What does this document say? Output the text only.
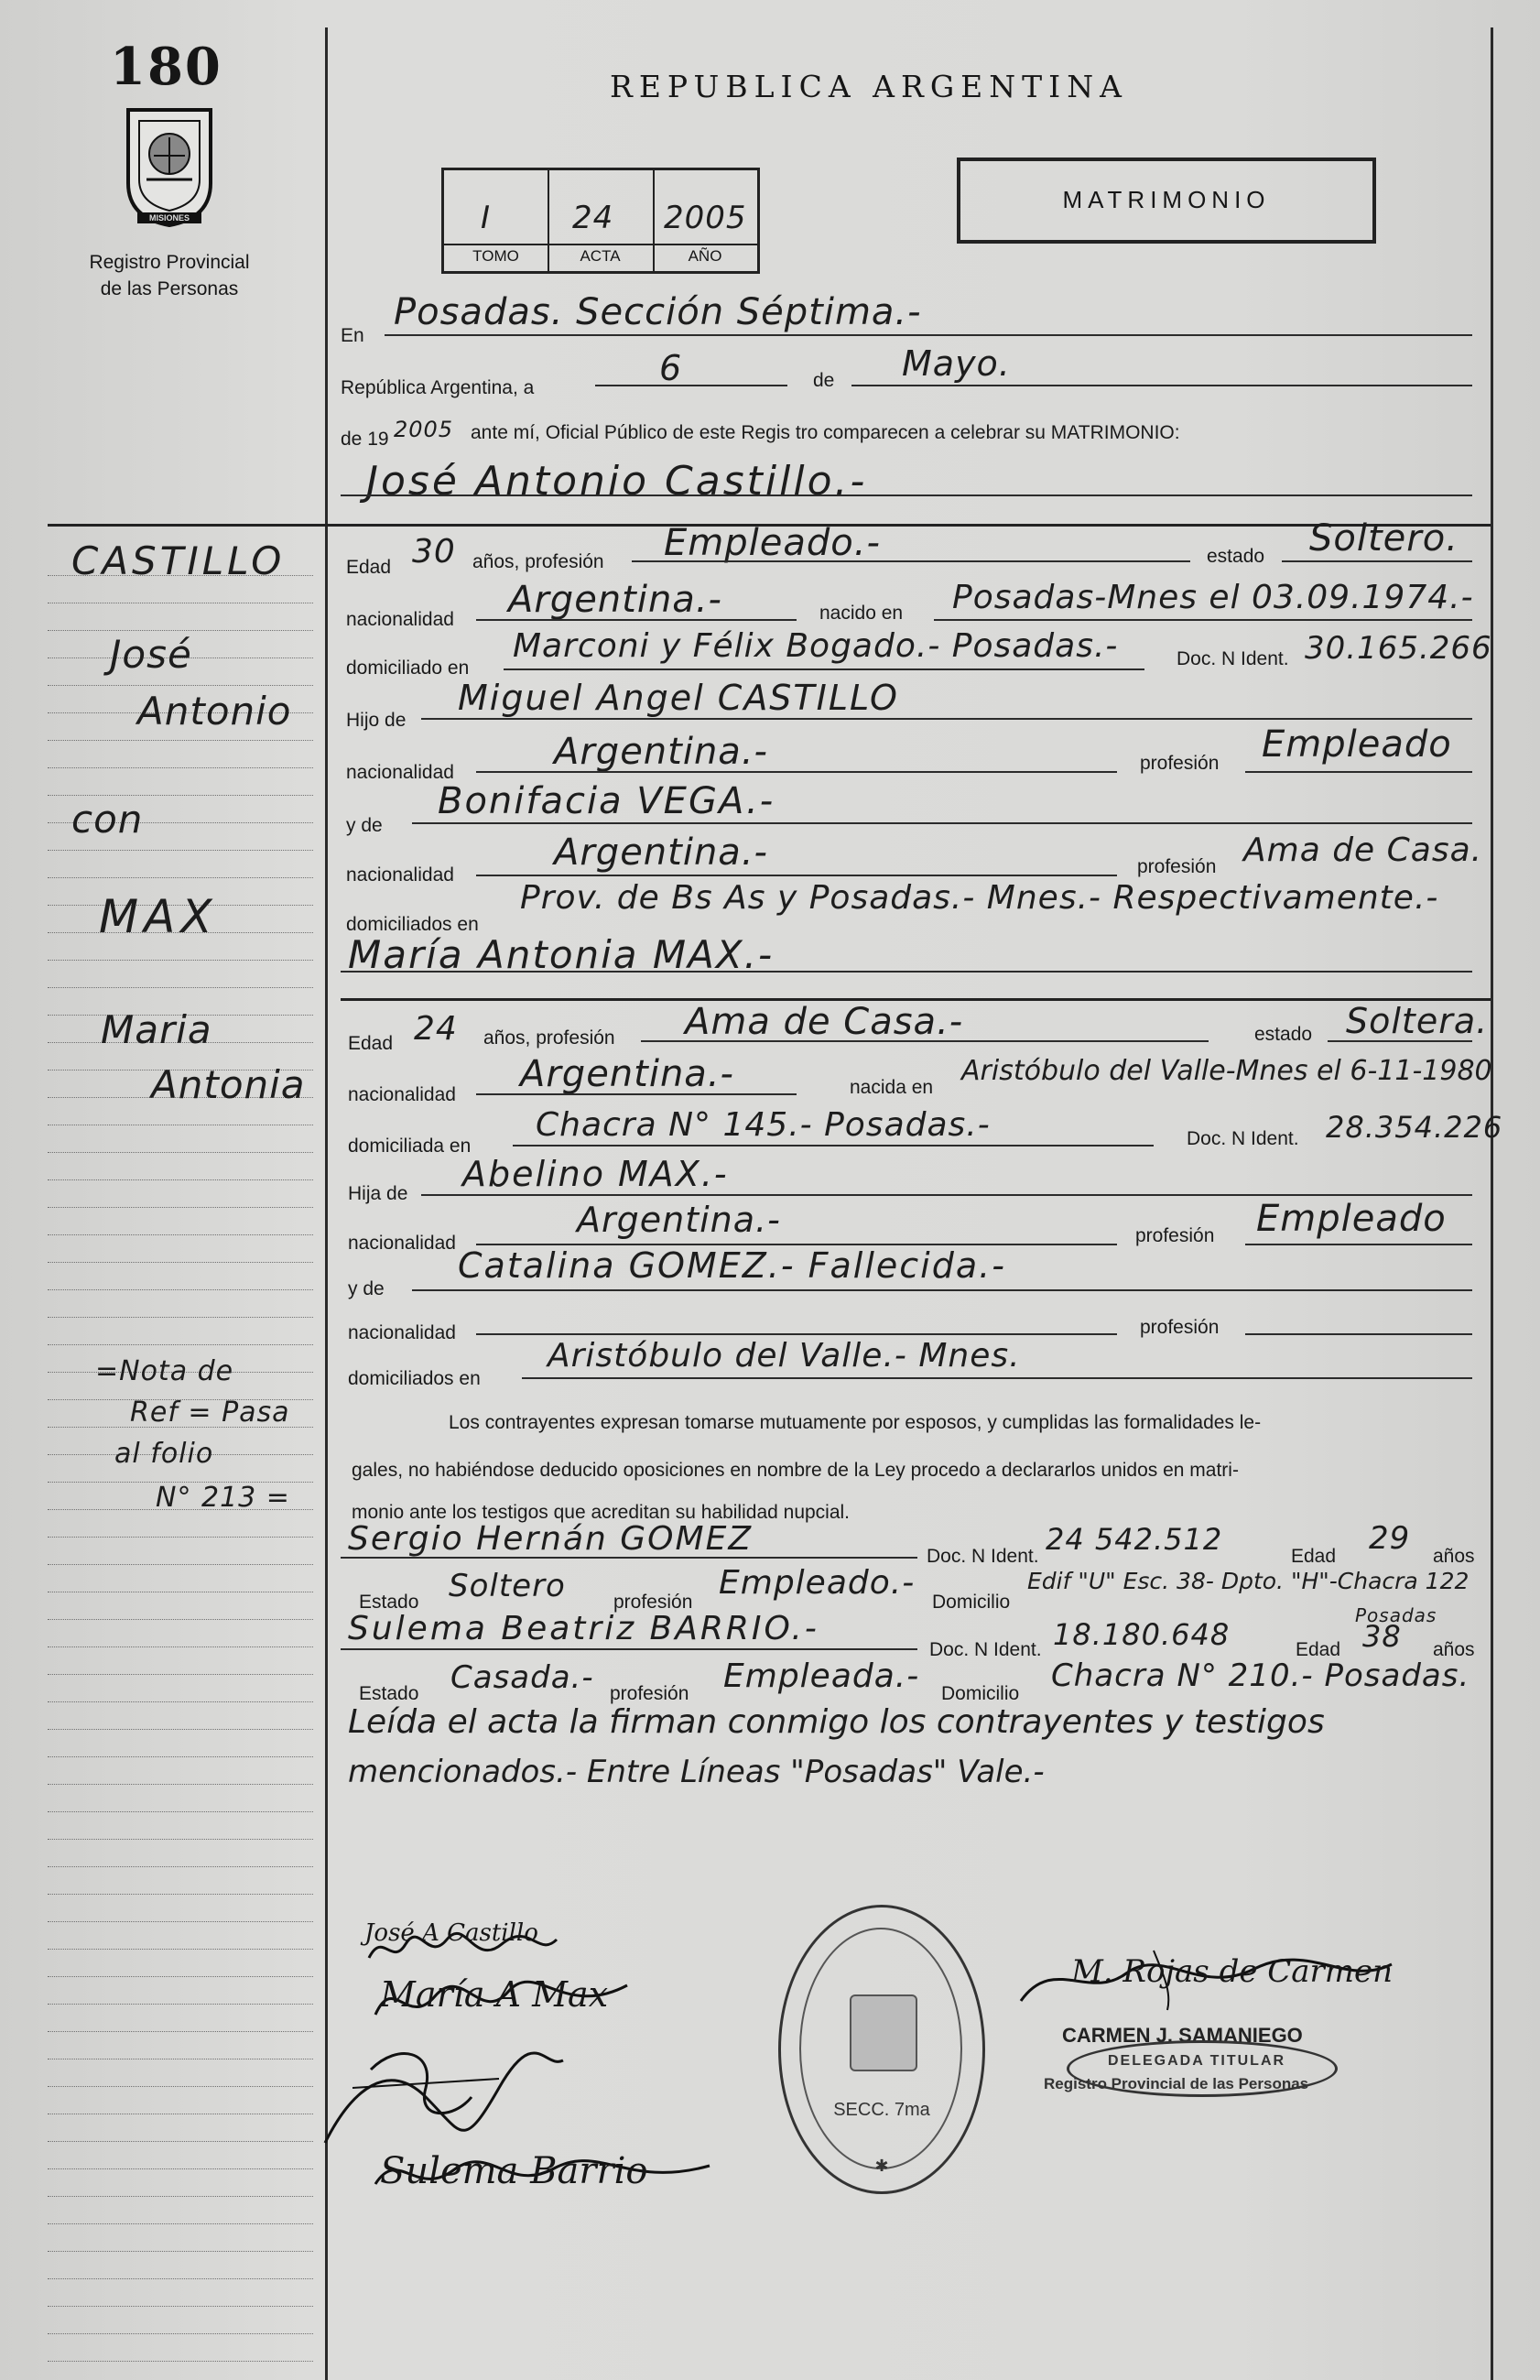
180
MISIONES
Registro Provincial
de las Personas
REPUBLICA ARGENTINA
I	24 2005
TOMO	ACTA	AÑO
MATRIMONIO
En
Posadas. Sección Séptima.-
República Argentina, a	6	de Mayo.
de 19 2005 ante mí, Oficial Público de este Regis tro comparecen a celebrar su MATRIMONIO:
José Antonio Castillo.-
CASTILLO
José
Antonio
con
MAX
Maria
Antonia
=Nota de
Ref = Pasa
al folio
N° 213 =
Edad 30 años, profesión Empleado.-	estado Soltero.
nacionalidad Argentina.-	nacido en Posadas-Mnes el 03.09.1974.-
domiciliado en
Marconi y Félix Bogado.- Posadas.-	Doc. N Ident. 30.165.266
Hijo de
Miguel Angel CASTILLO
nacionalidad	Argentina.-	profesión Empleado
y de
Bonifacia VEGA.-
nacionalidad
Argentina.-	profesión Ama de Casa.
domiciliados en
Prov. de Bs As y Posadas.- Mnes.- Respectivamente.-
María Antonia MAX.-
Edad 24 años, profesión Ama de Casa.-	estado Soltera.
nacionalidad Argentina.-	nacida en
Aristóbulo del Valle-Mnes el 6-11-1980
domiciliada en
Chacra N° 145.- Posadas.-	Doc. N Ident. 28.354.226
Hija de Abelino MAX.-
nacionalidad
Argentina.-	profesión Empleado
y de
Catalina GOMEZ.- Fallecida.-
nacionalidad	profesión
domiciliados en
Aristóbulo del Valle.- Mnes.
Los contrayentes expresan tomarse mutuamente por esposos, y cumplidas las formalidades le-
gales, no habiéndose deducido oposiciones en nombre de la Ley procedo a declararlos unidos en matri-
monio ante los testigos que acreditan su habilidad nupcial.
Sergio Hernán GOMEZ	Doc. N Ident. 24 542.512	Edad 29 años
Estado Soltero profesión
Empleado.-
Domicilio
Edif "U" Esc. 38- Dpto. "H"-Chacra 122
Posadas
Sulema Beatriz BARRIO.-
Doc. N Ident. 18.180.648	Edad 38 años
Estado Casada.- profesión Empleada.- Domicilio Chacra N° 210.- Posadas.
Leída el acta la firman conmigo los contrayentes y testigos
mencionados.- Entre Líneas "Posadas" Vale.-
José A Castillo
María A Max
Sulema Barrio
SECC. 7ma
✱
M. Rojas de Carmen
CARMEN J. SAMANIEGO
DELEGADA TITULAR
Registro Provincial de las Personas
